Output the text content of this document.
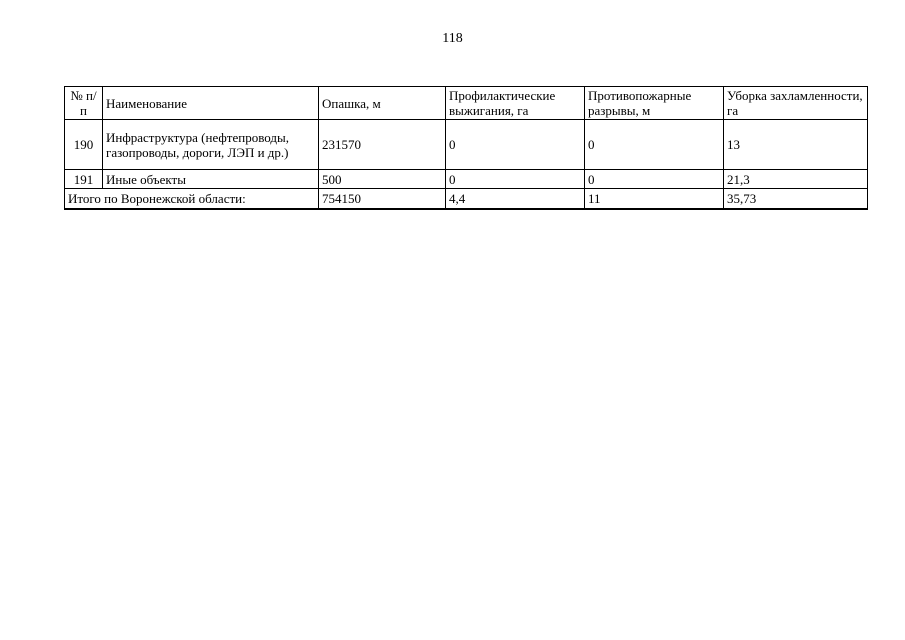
118
№ п/п	Наименование	Опашка, м	Профилактические выжигания, га	Противопожарные разрывы, м	Уборка захламленности, га
190	Инфраструктура (нефтепроводы, газопроводы, дороги, ЛЭП и др.)	231570	0	0	13
191	Иные объекты	500	0	0	21,3
Итого по Воронежской области:		754150	4,4	11	35,73
